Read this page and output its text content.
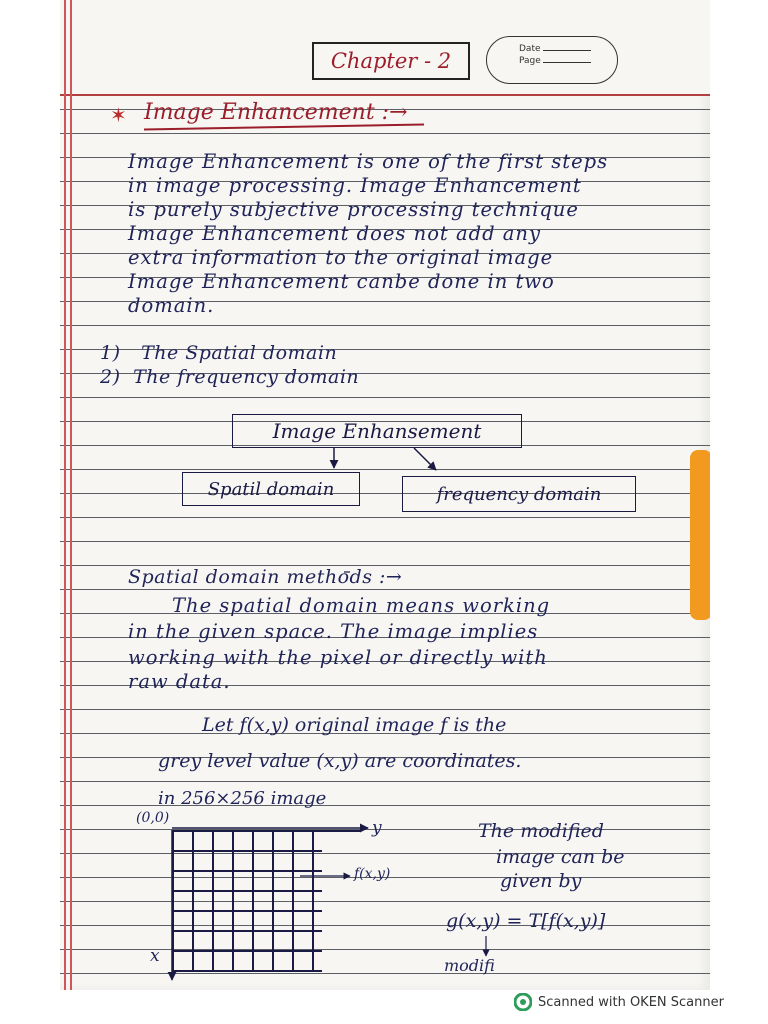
Chapter - 2	Date
Page
✶ Image Enhancement :→
Image Enhancement is one of the first steps
in image processing. Image Enhancement
is purely subjective processing technique
Image Enhancement does not add any
extra information to the original image
Image Enhancement canbe done in two
domain.
1) The Spatial domain
2) The frequency domain
Image Enhansement
Spatil domain	frequency domain
Spatial domain methods :→
The spatial domain means working
in the given space. The image implies
working with the pixel or directly with
raw data.
Let f(x,y) original image f is the
grey level value (x,y) are coordinates.
in 256×256 image
(0,0)	y
x
f(x,y)
The modified
image can be
given by
g(x,y) = T[f(x,y)]
modifi
Scanned with OKEN Scanner
